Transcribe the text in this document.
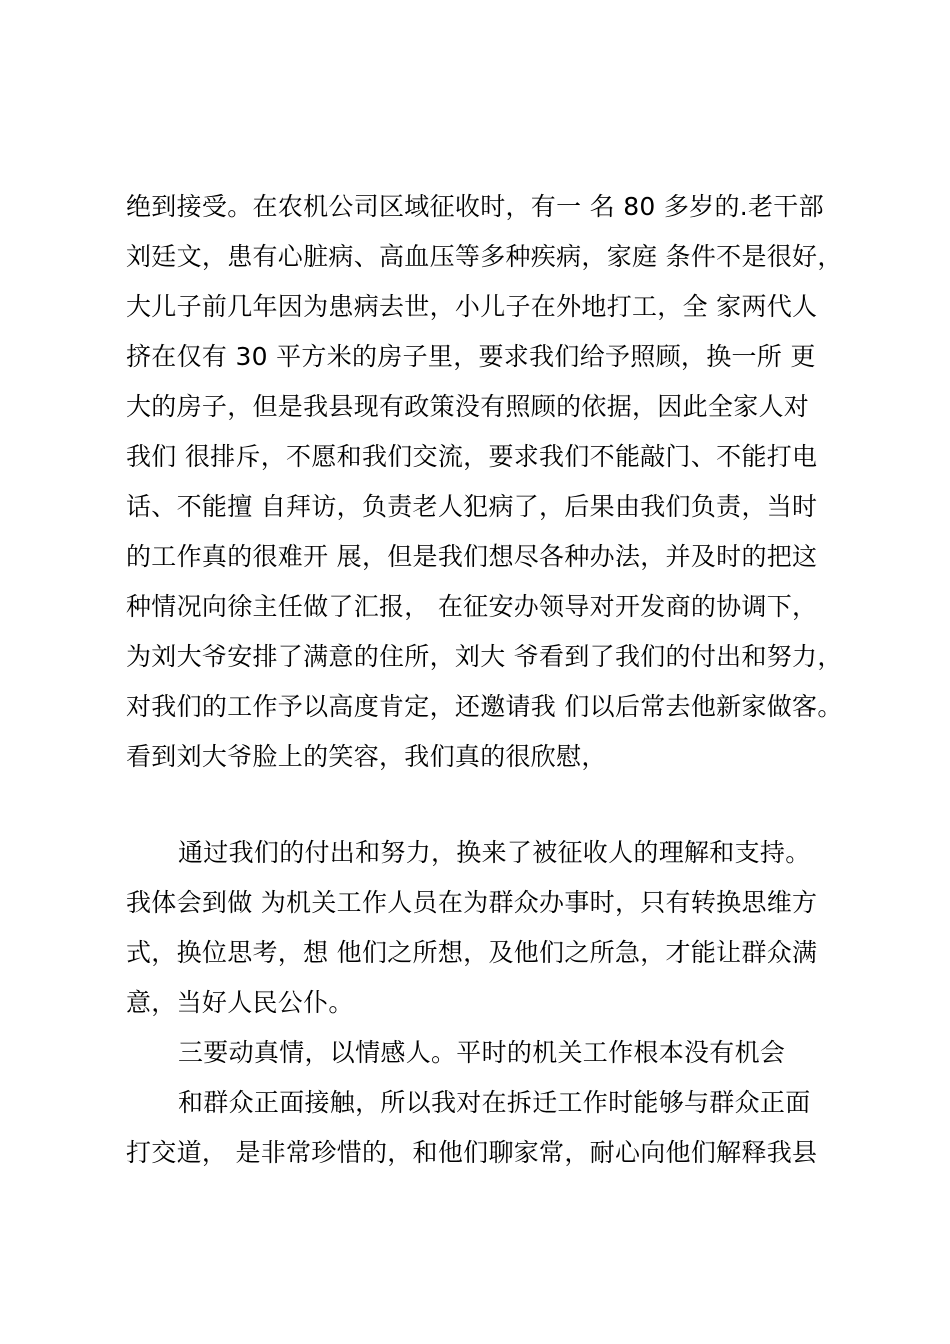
绝到接受。在农机公司区域征收时，有一 名 80 多岁的.老干部
刘廷文，患有心脏病、高血压等多种疾病，家庭 条件不是很好，
大儿子前几年因为患病去世，小儿子在外地打工，全 家两代人
挤在仅有 30 平方米的房子里，要求我们给予照顾，换一所 更
大的房子，但是我县现有政策没有照顾的依据，因此全家人对
我们 很排斥，不愿和我们交流，要求我们不能敲门、不能打电
话、不能擅 自拜访，负责老人犯病了，后果由我们负责，当时
的工作真的很难开 展，但是我们想尽各种办法，并及时的把这
种情况向徐主任做了汇报， 在征安办领导对开发商的协调下，
为刘大爷安排了满意的住所，刘大 爷看到了我们的付出和努力，
对我们的工作予以高度肯定，还邀请我 们以后常去他新家做客。
看到刘大爷脸上的笑容，我们真的很欣慰，
通过我们的付出和努力，换来了被征收人的理解和支持。
我体会到做 为机关工作人员在为群众办事时，只有转换思维方
式，换位思考，想 他们之所想，及他们之所急，才能让群众满
意，当好人民公仆。
三要动真情，以情感人。平时的机关工作根本没有机会
和群众正面接触，所以我对在拆迁工作时能够与群众正面
打交道， 是非常珍惜的，和他们聊家常，耐心向他们解释我县
